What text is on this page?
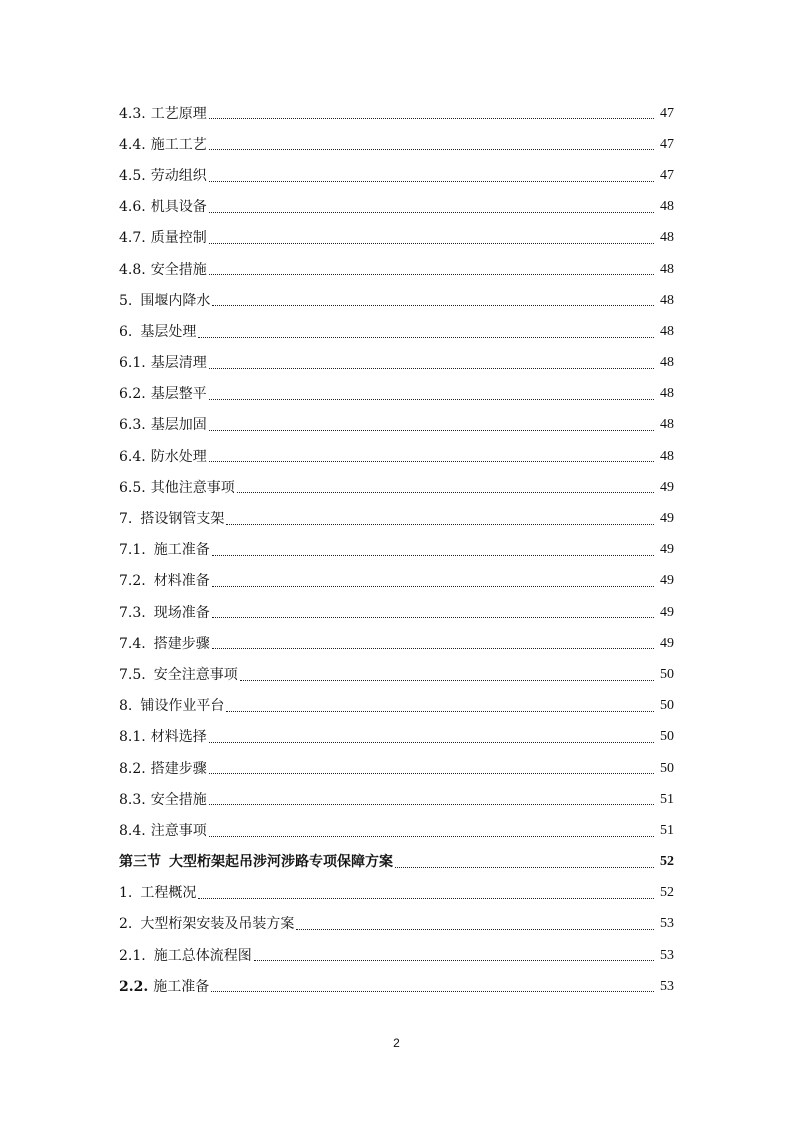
4.3. 工艺原理	47
4.4. 施工工艺	47
4.5. 劳动组织	47
4.6. 机具设备	48
4.7. 质量控制	48
4.8. 安全措施	48
5. 围堰内降水	48
6. 基层处理	48
6.1. 基层清理	48
6.2. 基层整平	48
6.3. 基层加固	48
6.4. 防水处理	48
6.5. 其他注意事项	49
7. 搭设钢管支架	49
7.1. 施工准备	49
7.2. 材料准备	49
7.3. 现场准备	49
7.4. 搭建步骤	49
7.5. 安全注意事项	50
8. 铺设作业平台	50
8.1. 材料选择	50
8.2. 搭建步骤	50
8.3. 安全措施	51
8.4. 注意事项	51
第三节 大型桁架起吊涉河涉路专项保障方案	52
1. 工程概况	52
2. 大型桁架安装及吊装方案	53
2.1. 施工总体流程图	53
2.2. 施工准备	53
2
